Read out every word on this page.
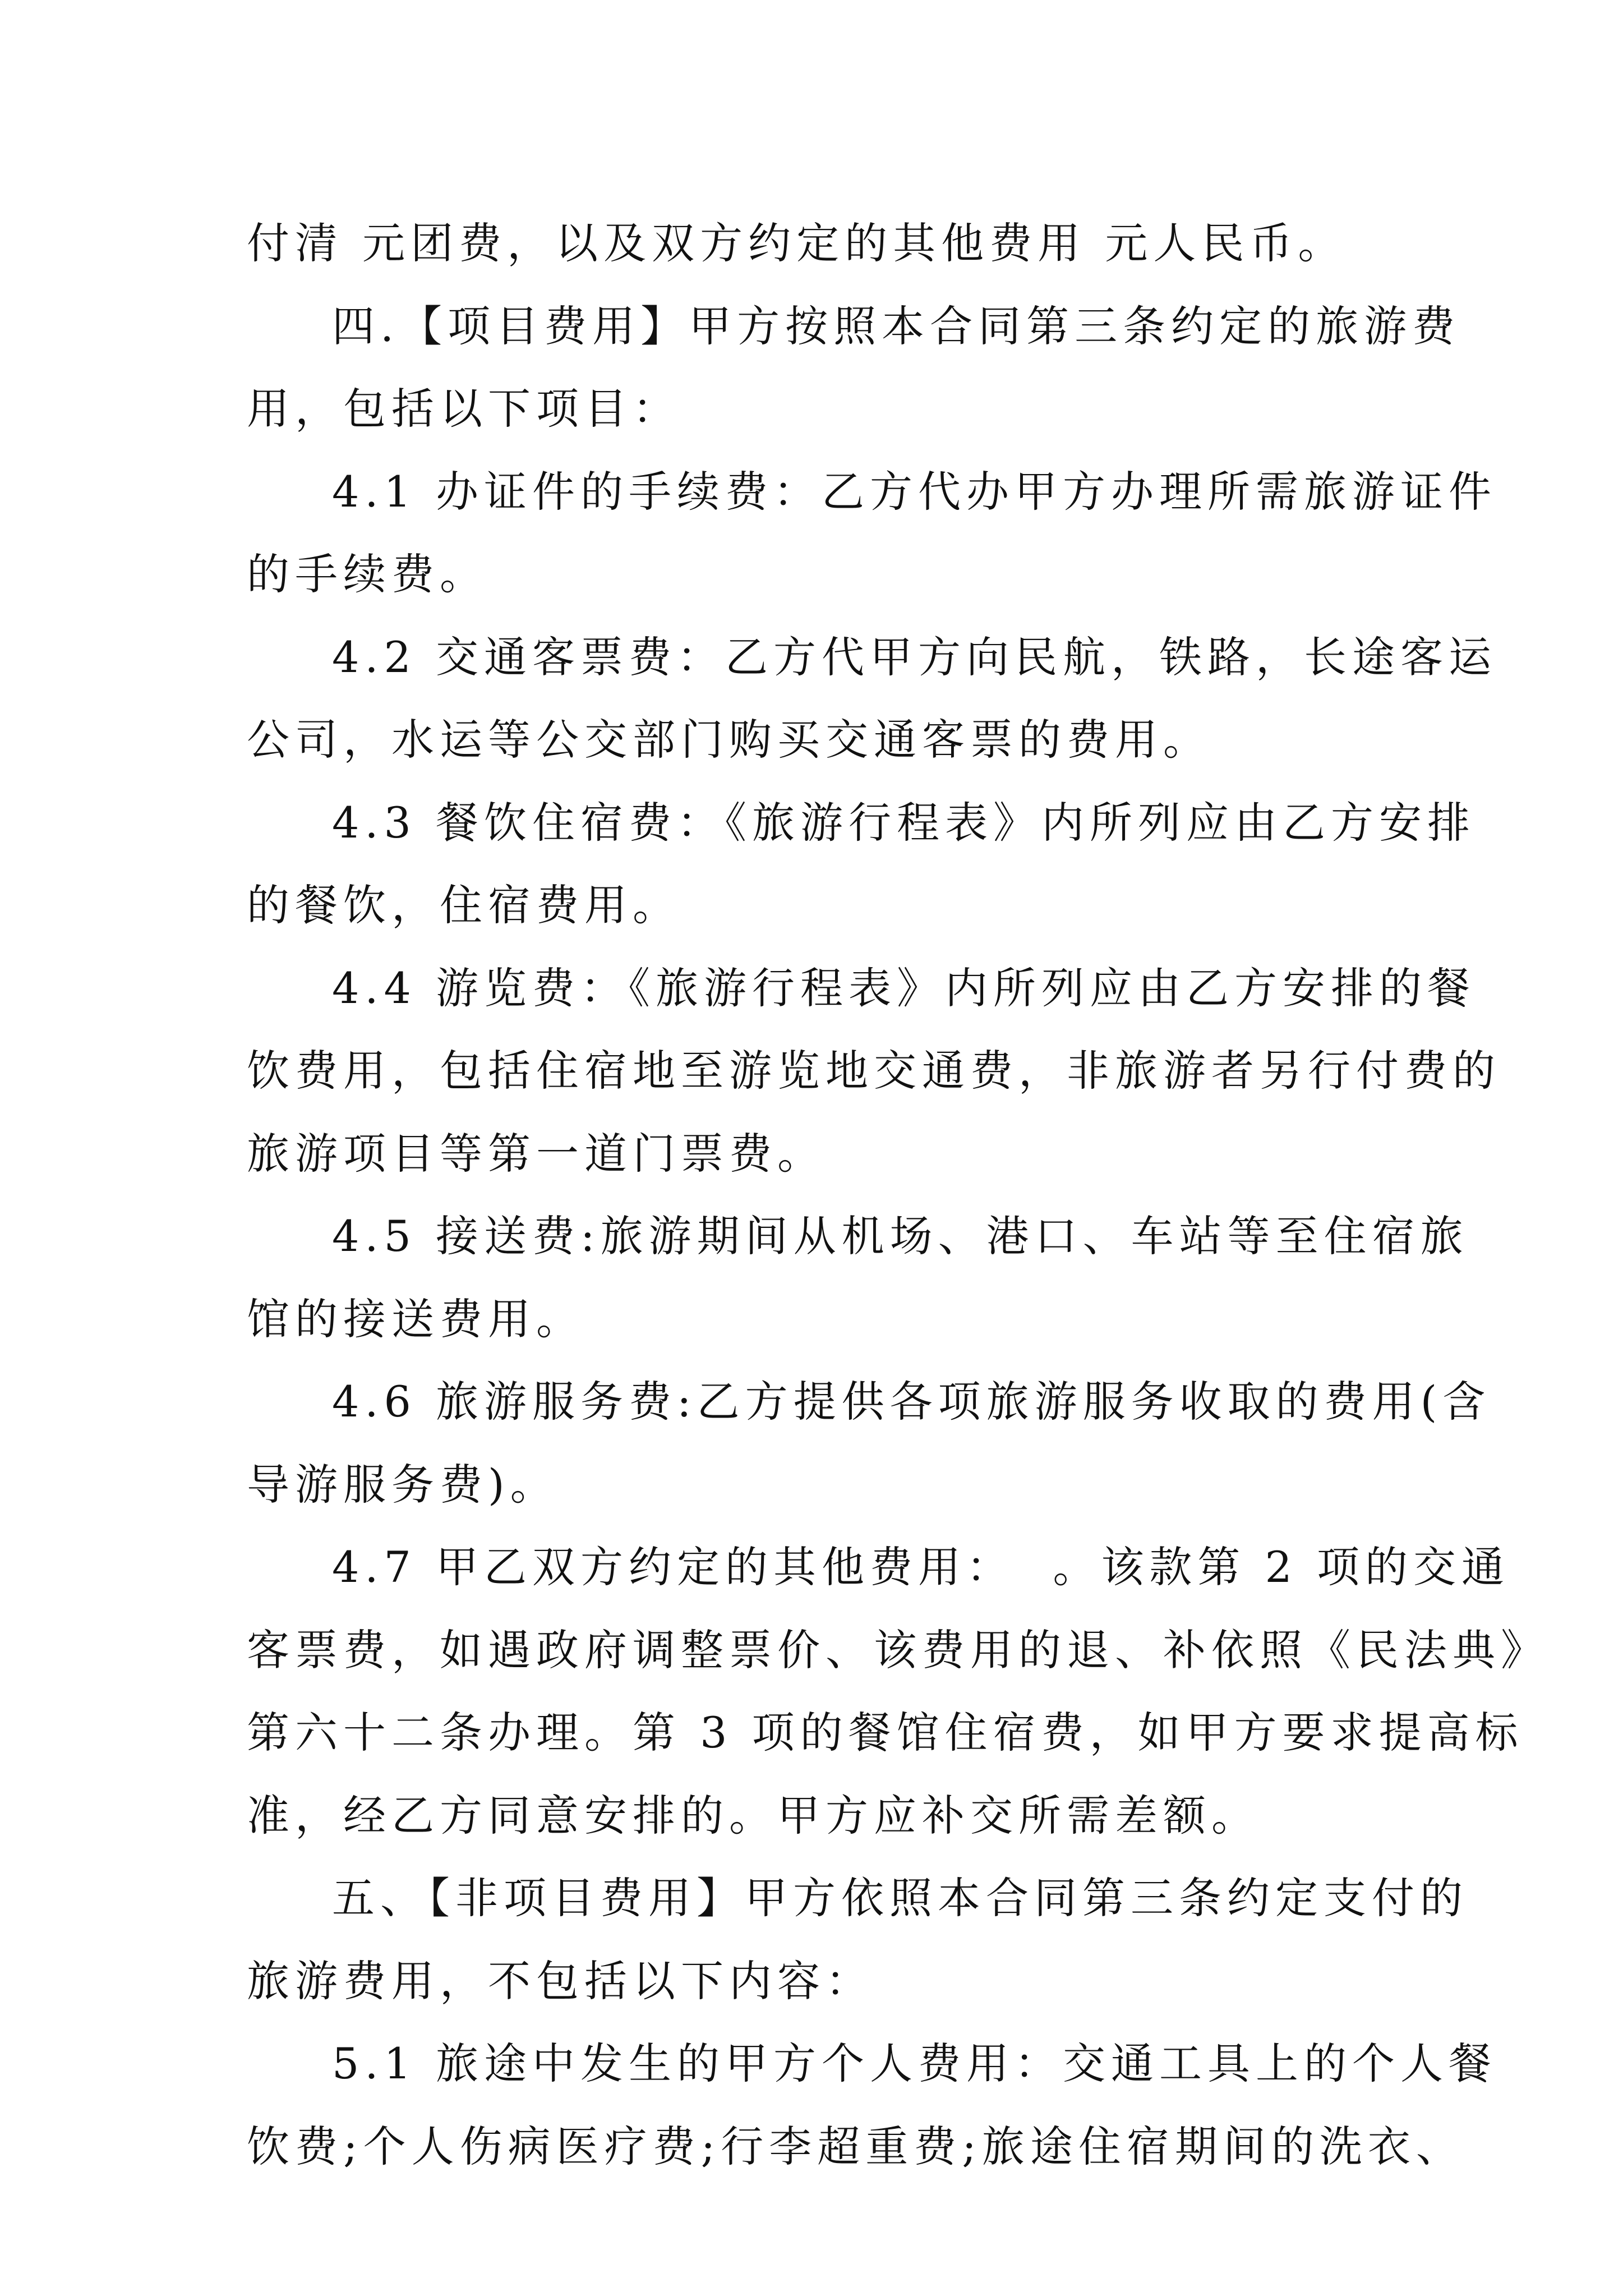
付清 元团费，以及双方约定的其他费用 元人民币。
四.【项目费用】甲方按照本合同第三条约定的旅游费
用，包括以下项目：
4.1 办证件的手续费：乙方代办甲方办理所需旅游证件
的手续费。
4.2 交通客票费：乙方代甲方向民航，铁路，长途客运
公司，水运等公交部门购买交通客票的费用。
4.3 餐饮住宿费：《旅游行程表》内所列应由乙方安排
的餐饮，住宿费用。
4.4 游览费：《旅游行程表》内所列应由乙方安排的餐
饮费用，包括住宿地至游览地交通费，非旅游者另行付费的
旅游项目等第一道门票费。
4.5 接送费:旅游期间从机场、港口、车站等至住宿旅
馆的接送费用。
4.6 旅游服务费:乙方提供各项旅游服务收取的费用(含
导游服务费)。
4.7 甲乙双方约定的其他费用：  。该款第 2 项的交通
客票费，如遇政府调整票价、该费用的退、补依照《民法典》
第六十二条办理。第 3 项的餐馆住宿费，如甲方要求提高标
准，经乙方同意安排的。甲方应补交所需差额。
五、【非项目费用】甲方依照本合同第三条约定支付的
旅游费用，不包括以下内容：
5.1 旅途中发生的甲方个人费用：交通工具上的个人餐
饮费;个人伤病医疗费;行李超重费;旅途住宿期间的洗衣、
